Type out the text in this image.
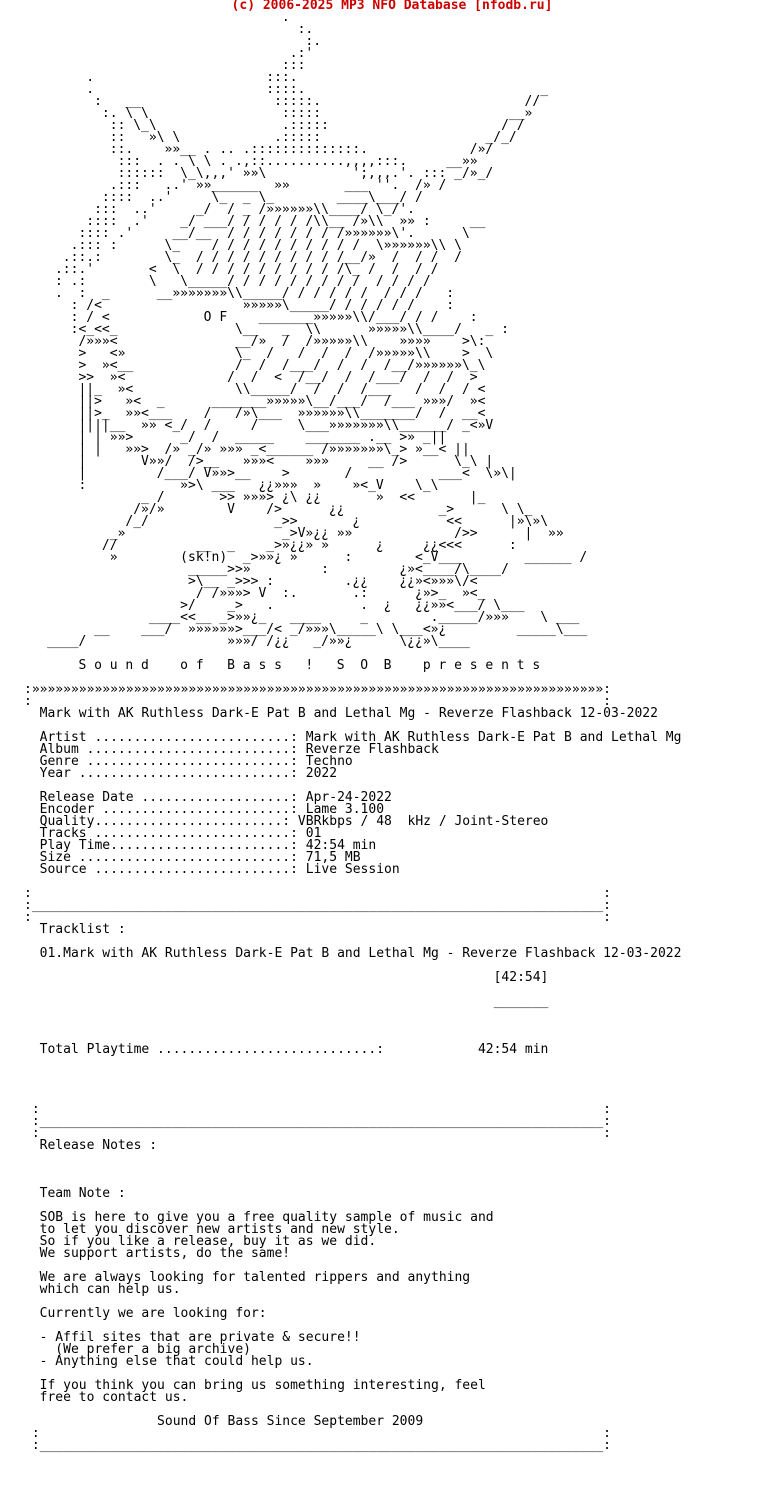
(c) 2006-2025 MP3 NFO Database [nfodb.ru]
.
:.
:.
.:'
:::
.                      :::.
.                      ::::.                              _
:   __                 :::::.                          //
:. \ \                 :::::                        __»
:: \_\                .:::::                      / /
::   »\ \            .:::::                     _/_/
::.    »»__ . .. .::::::::::::::.             /»/
:::  . . \ \ . .,::..........,,,,:::.     __»»
::::::  \_\,,,' »»\           ';,,,.'. ::: _/»_/
.:::   ..' »»______  »»       ___ ''.  /» /
::::  ..'     \_  _ \_        ____\___/ /
:::  ..'     _/  / _ /»»»»»»\\____/ \_/'.
::::  .'    _/ ___/ / / / / /\\__ /»\\  »» :     __
:::: .'     __/__  / / / / / / / /»»»»»»\'.      \
.::: :      \_    / / / / / / / / / /  \»»»»»»\\ \
.::.:        \_  / / / / / / / / / /__/»  /  / /  /
.::.'       <  \  / / / / / / / / / /\_ /  /  / /
: .:        \   \_____/ / / / / / / / /  / / / /
.  :  _      __»»»»»»»\\_____/ / / / / /  / / /   :
: /<                  »»»»»\_____/ / / / / /    :
: / <            O F    _______»»»»»\\/___/ / /    :
:<_<<_               \__   _  \\      »»»»»\\____/   _ :
/»»»<               __/»  /  /»»»»»\\    »»»»    >\:
>   <»              \_  /   /  /  /  /»»»»»\\    >  \
>  »<__             /  /  /___/  /  /  /__/»»»»»»\_\
>>  »<             /  /  <  /__/  /  /___/  /  /  >
||_  »<             \\_____/  /  /  /___   /  /  / <
||>   »<  _      _______»»»»»\__/___/  /___ »»»/  »<
||>_  »»<___    /   /»\___  »»»»»»\\_______/  /  __<
||||__  »» <_/  /     /     \___»»»»»»»\\______/ _<»V
| | »»>      _/  /  _____    _______ .__ >» _||
| |   »»>  /» _/» »»» _<______ /»»»»»»»\_> »__< ||
|       V»»/  />__   »»»<    »»»     __ />      \_\ |
|         /___/ V»»>__    >       /           ___<  \»\|
:            »>\ ___   ¿¿»»»  »    »<_V    \_\
_ /       >> »»»> ¿\ ¿¿       »  <<       |_
/»/»        V    />      ¿¿            _>      \ \_
/_/                _>>       ¿           <<      |»\»\
_»                    _>V»¿¿ »»             />>      |  »»
//          __  _    _>»¿¿» »      ¿     ¿¿<<<      :
»        (sk!n)  _>»»¿ »      :        <_V___        ______ /
_____>>»         :         ¿»<____/\____/
>\__ _>>> :         .¿¿    ¿¿»<»»»\/<
/ /»»»> V  :.       .:      ¿»>_  »<_
>/    _>   .           .  ¿   ¿¿»»<___/ \___
____<<__ _>»»¿_   ____     _        ._____/»»»    \ ___
__    ___/  »»»»»»>___/< _/»»»\_____\ \___<»¿         _____\___
____/                  »»»/ /¿¿   _/»»¿      \¿¿»\____

S o u n d    o f   B a s s   !   S  O  B    p r e s e n t s
:»»»»»»»»»»»»»»»»»»»»»»»»»»»»»»»»»»»»»»»»»»»»»»»»»»»»»»»»»»»»»»»»»»»»»»»»»:
:                                                                         :
Mark with AK Ruthless Dark-E Pat B and Lethal Mg - Reverze Flashback 12-03-2022

Artist .........................: Mark with AK Ruthless Dark-E Pat B and Lethal Mg
Album ..........................: Reverze Flashback
Genre ..........................: Techno
Year ...........................: 2022

Release Date ...................: Apr-24-2022
Encoder ........................: Lame 3.100
Quality........................: VBRkbps / 48  kHz / Joint-Stereo
Tracks .........................: 01
Play Time.......................: 42:54 min
Size ...........................: 71,5 MB
Source .........................: Live Session

:                                                                         :
:_________________________________________________________________________:
:                                                                         :
Tracklist :

01.Mark with AK Ruthless Dark-E Pat B and Lethal Mg - Reverze Flashback 12-03-2022

[42:54]

_______

Total Playtime ............................:            42:54 min

:                                                                        :
:________________________________________________________________________:
:                                                                        :
Release Notes :

Team Note :

SOB is here to give you a free quality sample of music and
to let you discover new artists and new style.
So if you like a release, buy it as we did.
We support artists, do the same!

We are always looking for talented rippers and anything
which can help us.

Currently we are looking for:

- Affil sites that are private & secure!!
(We prefer a big archive)
- Anything else that could help us.

If you think you can bring us something interesting, feel
free to contact us.

Sound Of Bass Since September 2009
:                                                                        :
:________________________________________________________________________:
